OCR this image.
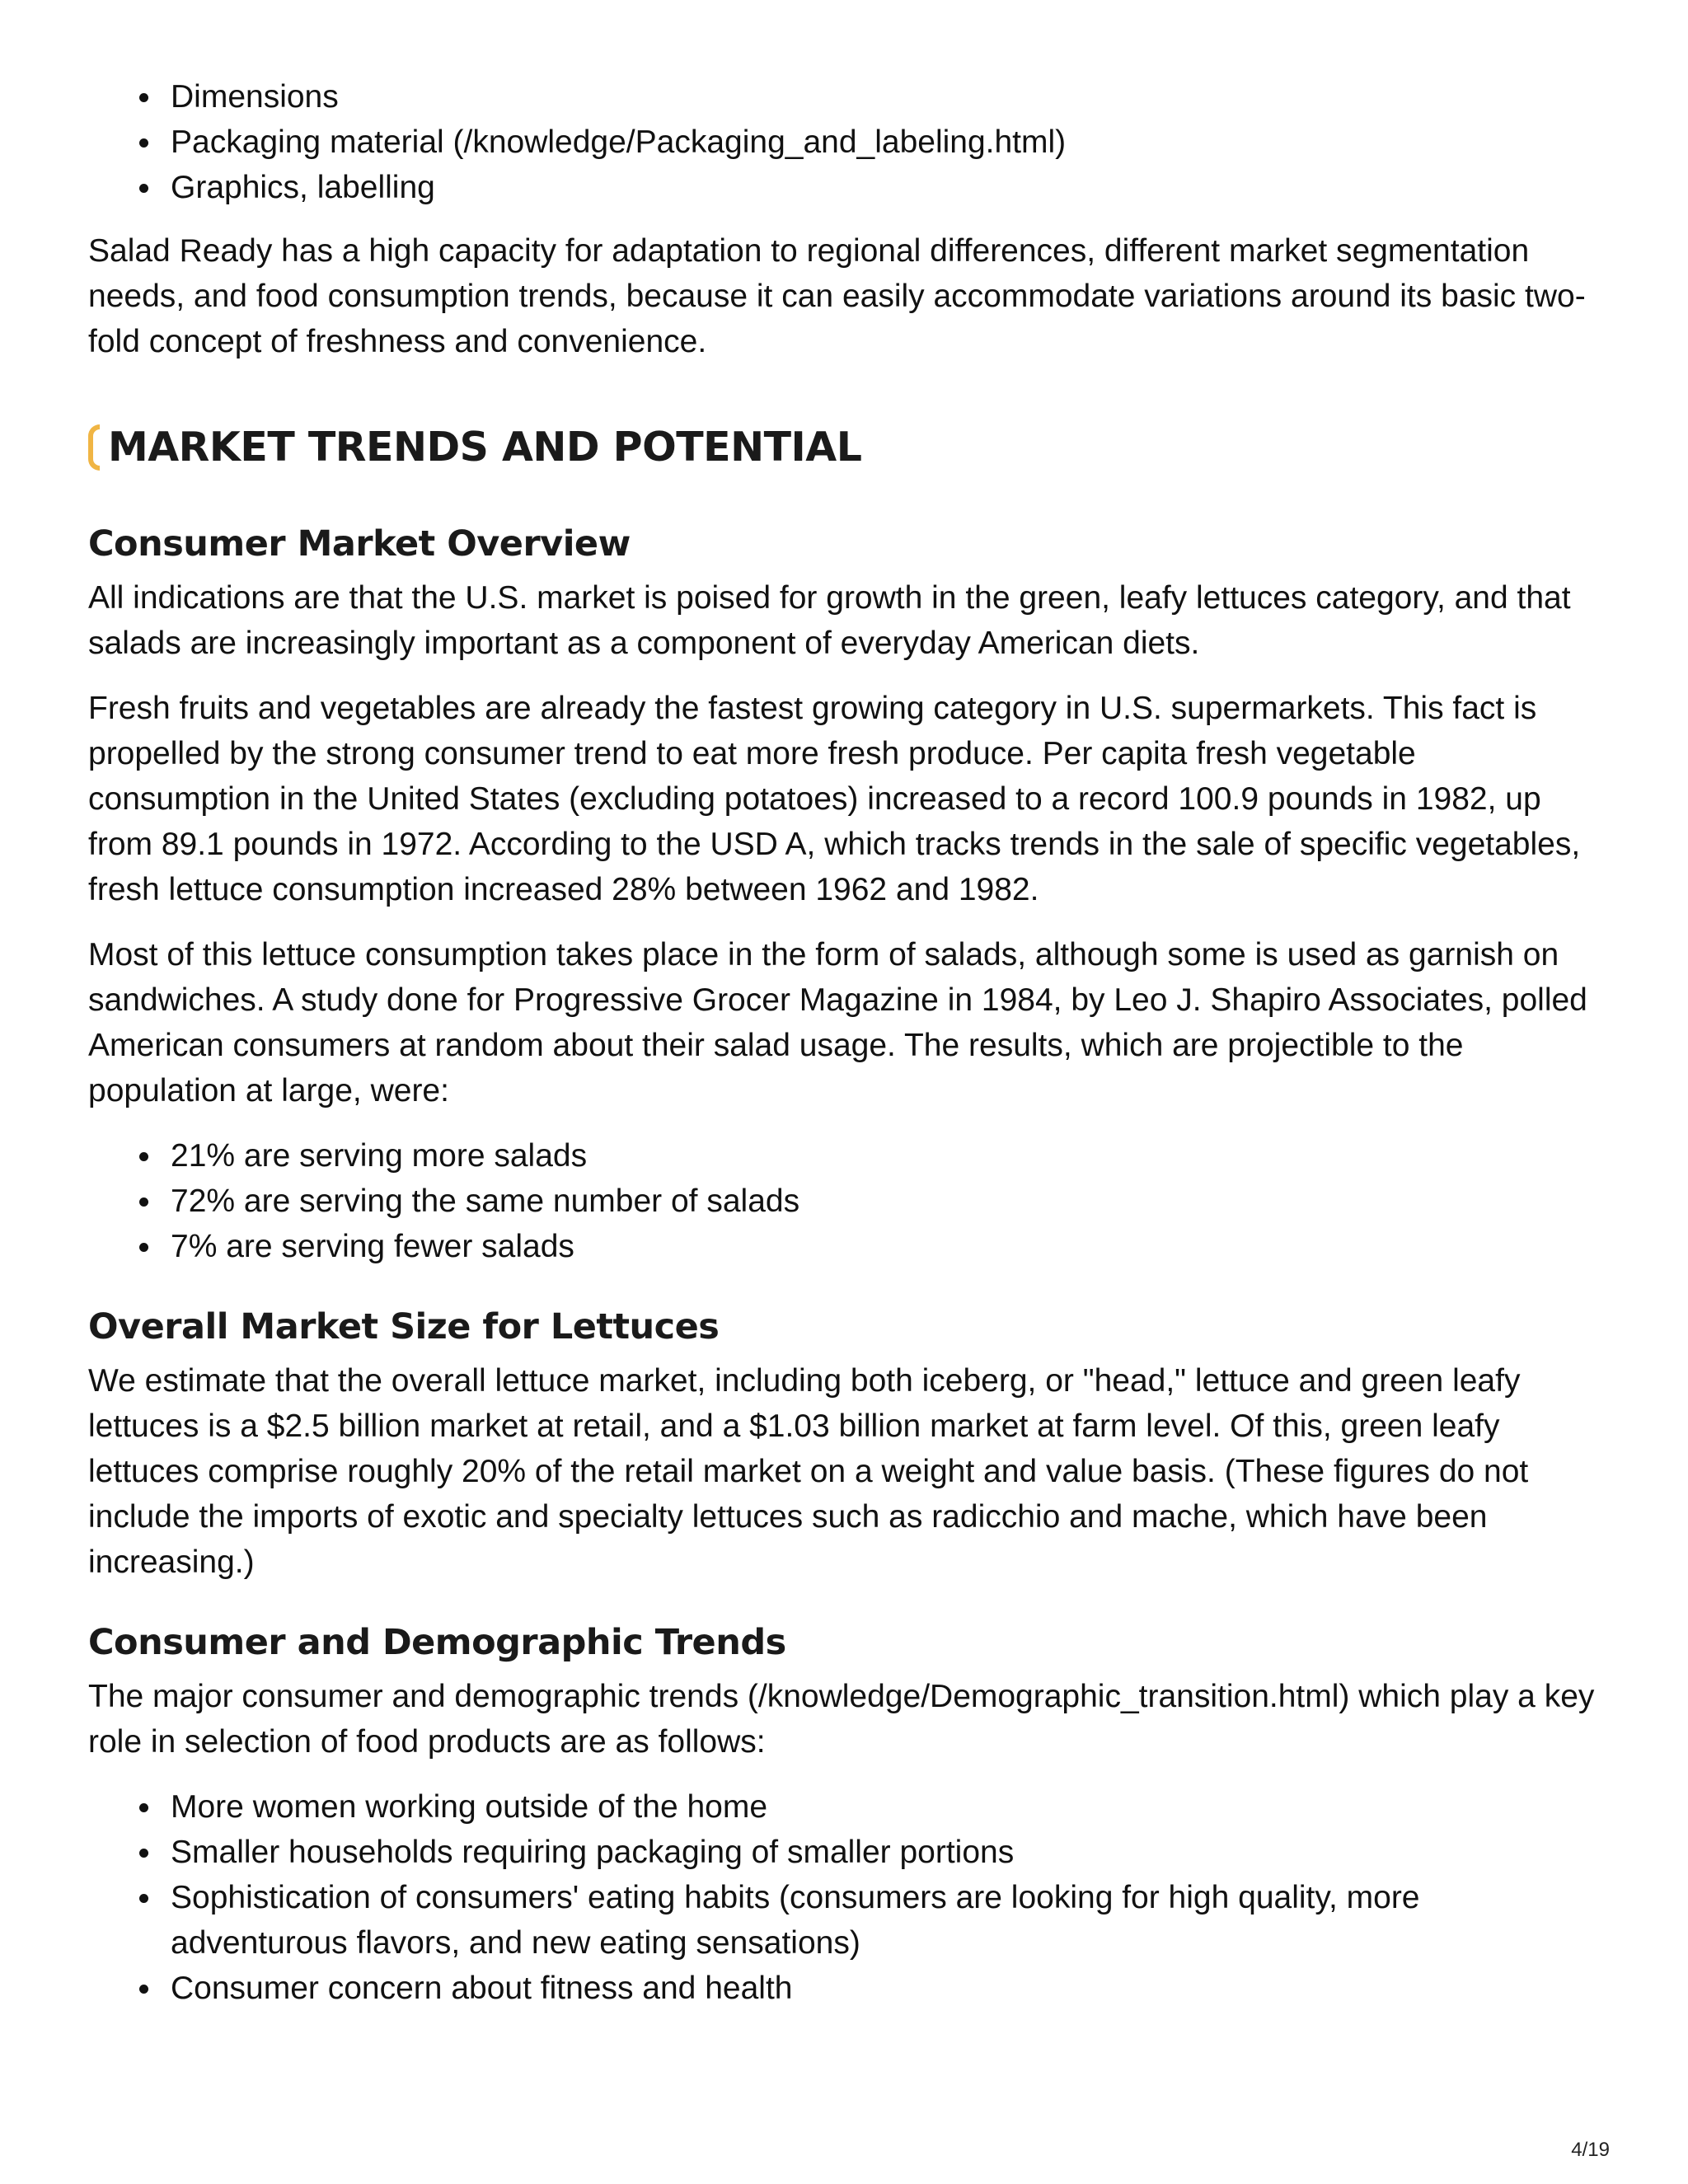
Dimensions
Packaging material (/knowledge/Packaging_and_labeling.html)
Graphics, labelling

Salad Ready has a high capacity for adaptation to regional differences, different market segmentation needs, and food consumption trends, because it can easily accommodate variations around its basic two-fold concept of freshness and convenience.

MARKET TRENDS AND POTENTIAL
Consumer Market Overview

All indications are that the U.S. market is poised for growth in the green, leafy lettuces category, and that salads are increasingly important as a component of everyday American diets.

Fresh fruits and vegetables are already the fastest growing category in U.S. supermarkets. This fact is propelled by the strong consumer trend to eat more fresh produce. Per capita fresh vegetable consumption in the United States (excluding potatoes) increased to a record 100.9 pounds in 1982, up from 89.1 pounds in 1972. According to the USD A, which tracks trends in the sale of specific vegetables, fresh lettuce consumption increased 28% between 1962 and 1982.

Most of this lettuce consumption takes place in the form of salads, although some is used as garnish on sandwiches. A study done for Progressive Grocer Magazine in 1984, by Leo J. Shapiro Associates, polled American consumers at random about their salad usage. The results, which are projectible to the population at large, were:

21% are serving more salads
72% are serving the same number of salads
7% are serving fewer salads
Overall Market Size for Lettuces

We estimate that the overall lettuce market, including both iceberg, or "head," lettuce and green leafy lettuces is a $2.5 billion market at retail, and a $1.03 billion market at farm level. Of this, green leafy lettuces comprise roughly 20% of the retail market on a weight and value basis. (These figures do not include the imports of exotic and specialty lettuces such as radicchio and mache, which have been increasing.)

Consumer and Demographic Trends

The major consumer and demographic trends (/knowledge/Demographic_transition.html) which play a key role in selection of food products are as follows:

More women working outside of the home
Smaller households requiring packaging of smaller portions
Sophistication of consumers' eating habits (consumers are looking for high quality, more adventurous flavors, and new eating sensations)
Consumer concern about fitness and health
4/19
